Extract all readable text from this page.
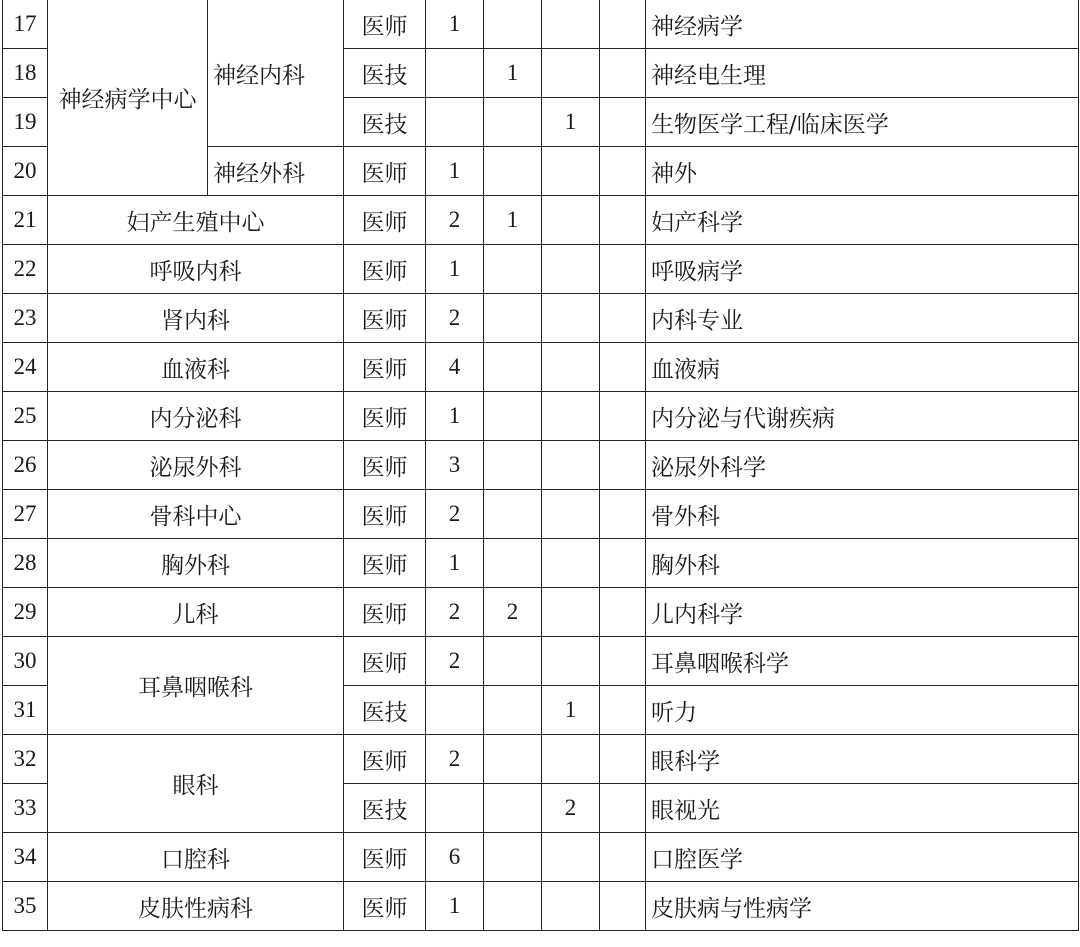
17	神经病学中心	神经内科	医师	1				神经病学
18			医技		1			神经电生理
19			医技			1		生物医学工程/临床医学
20		神经外科	医师	1				神外
21	妇产生殖中心		医师	2	1			妇产科学
22	呼吸内科		医师	1				呼吸病学
23	肾内科		医师	2				内科专业
24	血液科		医师	4				血液病
25	内分泌科		医师	1				内分泌与代谢疾病
26	泌尿外科		医师	3				泌尿外科学
27	骨科中心		医师	2				骨外科
28	胸外科		医师	1				胸外科
29	儿科		医师	2	2			儿内科学
30	耳鼻咽喉科		医师	2				耳鼻咽喉科学
31			医技			1		听力
32	眼科		医师	2				眼科学
33			医技			2		眼视光
34	口腔科		医师	6				口腔医学
35	皮肤性病科		医师	1				皮肤病与性病学
